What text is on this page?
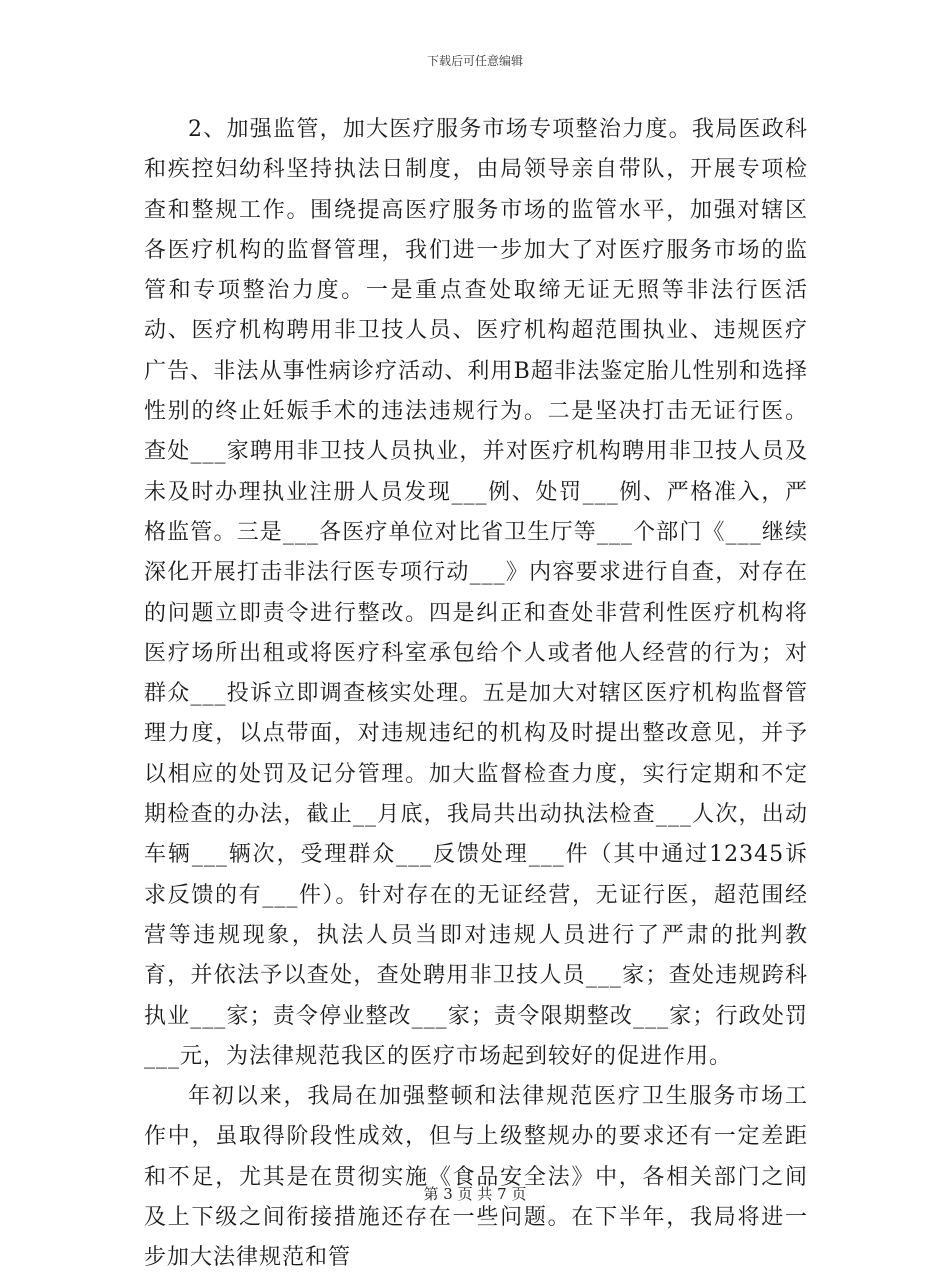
下载后可任意编辑

2、加强监管，加大医疗服务市场专项整治力度。我局医政科和疾控妇幼科坚持执法日制度，由局领导亲自带队，开展专项检查和整规工作。围绕提高医疗服务市场的监管水平，加强对辖区各医疗机构的监督管理，我们进一步加大了对医疗服务市场的监管和专项整治力度。一是重点查处取缔无证无照等非法行医活动、医疗机构聘用非卫技人员、医疗机构超范围执业、违规医疗广告、非法从事性病诊疗活动、利用B超非法鉴定胎儿性别和选择性别的终止妊娠手术的违法违规行为。二是坚决打击无证行医。查处___家聘用非卫技人员执业，并对医疗机构聘用非卫技人员及未及时办理执业注册人员发现___例、处罚___例、严格准入，严格监管。三是___各医疗单位对比省卫生厅等___个部门《___继续深化开展打击非法行医专项行动___》内容要求进行自查，对存在的问题立即责令进行整改。四是纠正和查处非营利性医疗机构将医疗场所出租或将医疗科室承包给个人或者他人经营的行为；对群众___投诉立即调查核实处理。五是加大对辖区医疗机构监督管理力度，以点带面，对违规违纪的机构及时提出整改意见，并予以相应的处罚及记分管理。加大监督检查力度，实行定期和不定期检查的办法，截止__月底，我局共出动执法检查___人次，出动车辆___辆次，受理群众___反馈处理___件（其中通过12345诉求反馈的有___件）。针对存在的无证经营，无证行医，超范围经营等违规现象，执法人员当即对违规人员进行了严肃的批判教育，并依法予以查处，查处聘用非卫技人员___家；查处违规跨科执业___家；责令停业整改___家；责令限期整改___家；行政处罚___元，为法律规范我区的医疗市场起到较好的促进作用。

年初以来，我局在加强整顿和法律规范医疗卫生服务市场工作中，虽取得阶段性成效，但与上级整规办的要求还有一定差距和不足，尤其是在贯彻实施《食品安全法》中，各相关部门之间及上下级之间衔接措施还存在一些问题。在下半年，我局将进一步加大法律规范和管

第 3 页 共 7 页
